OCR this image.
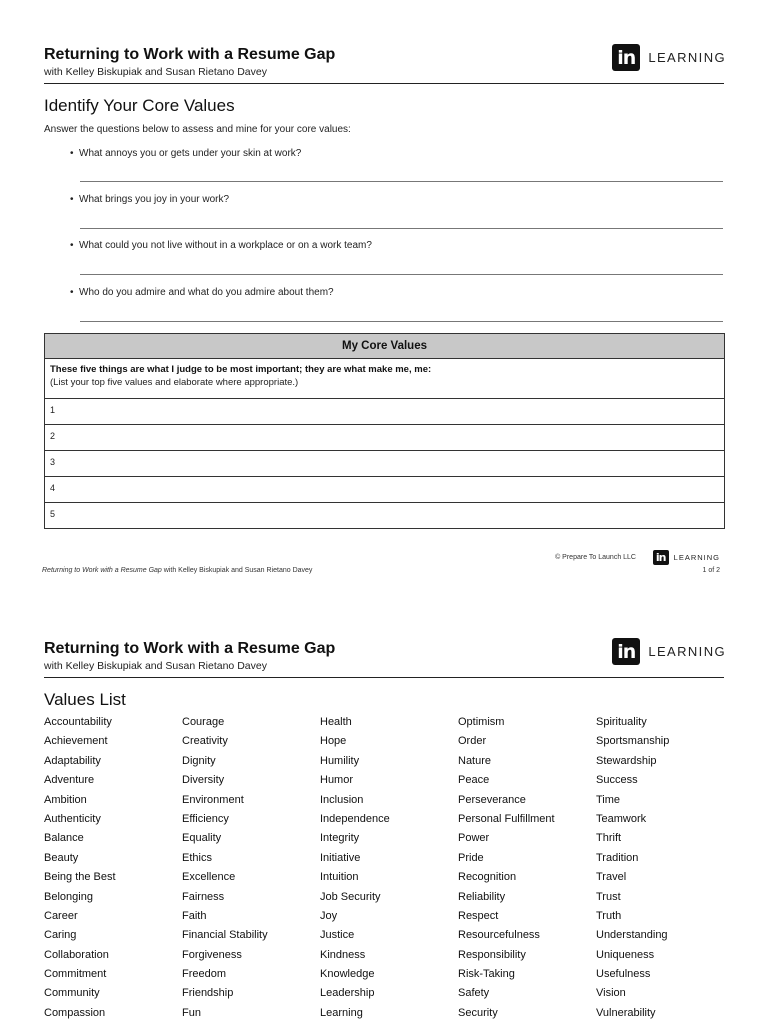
Returning to Work with a Resume Gap
with Kelley Biskupiak and Susan Rietano Davey
in LEARNING
Identify Your Core Values
Answer the questions below to assess and mine for your core values:
• What annoys you or gets under your skin at work?
• What brings you joy in your work?
• What could you not live without in a workplace or on a work team?
• Who do you admire and what do you admire about them?
My Core Values
These five things are what I judge to be most important; they are what make me, me:
(List your top five values and elaborate where appropriate.)
1
2
3
4
5
© Prepare To Launch LLC in	LEARNING
1 of 2
Returning to Work with a Resume Gap with Kelley Biskupiak and Susan Rietano Davey
Returning to Work with a Resume Gap
with Kelley Biskupiak and Susan Rietano Davey
in LEARNING
Values List
Accountability
Achievement
Adaptability
Adventure
Ambition
Authenticity
Balance
Beauty
Being the Best
Belonging
Career
Caring
Collaboration
Commitment
Community
Compassion
Courage
Creativity
Dignity
Diversity
Environment
Efficiency
Equality
Ethics
Excellence
Fairness
Faith
Financial Stability
Forgiveness
Freedom
Friendship
Fun
Health
Hope
Humility
Humor
Inclusion
Independence
Integrity
Initiative
Intuition
Job Security
Joy
Justice
Kindness
Knowledge
Leadership
Learning
Optimism
Order
Nature
Peace
Perseverance
Personal Fulfillment
Power
Pride
Recognition
Reliability
Respect
Resourcefulness
Responsibility
Risk-Taking
Safety
Security
Spirituality
Sportsmanship
Stewardship
Success
Time
Teamwork
Thrift
Tradition
Travel
Trust
Truth
Understanding
Uniqueness
Usefulness
Vision
Vulnerability
